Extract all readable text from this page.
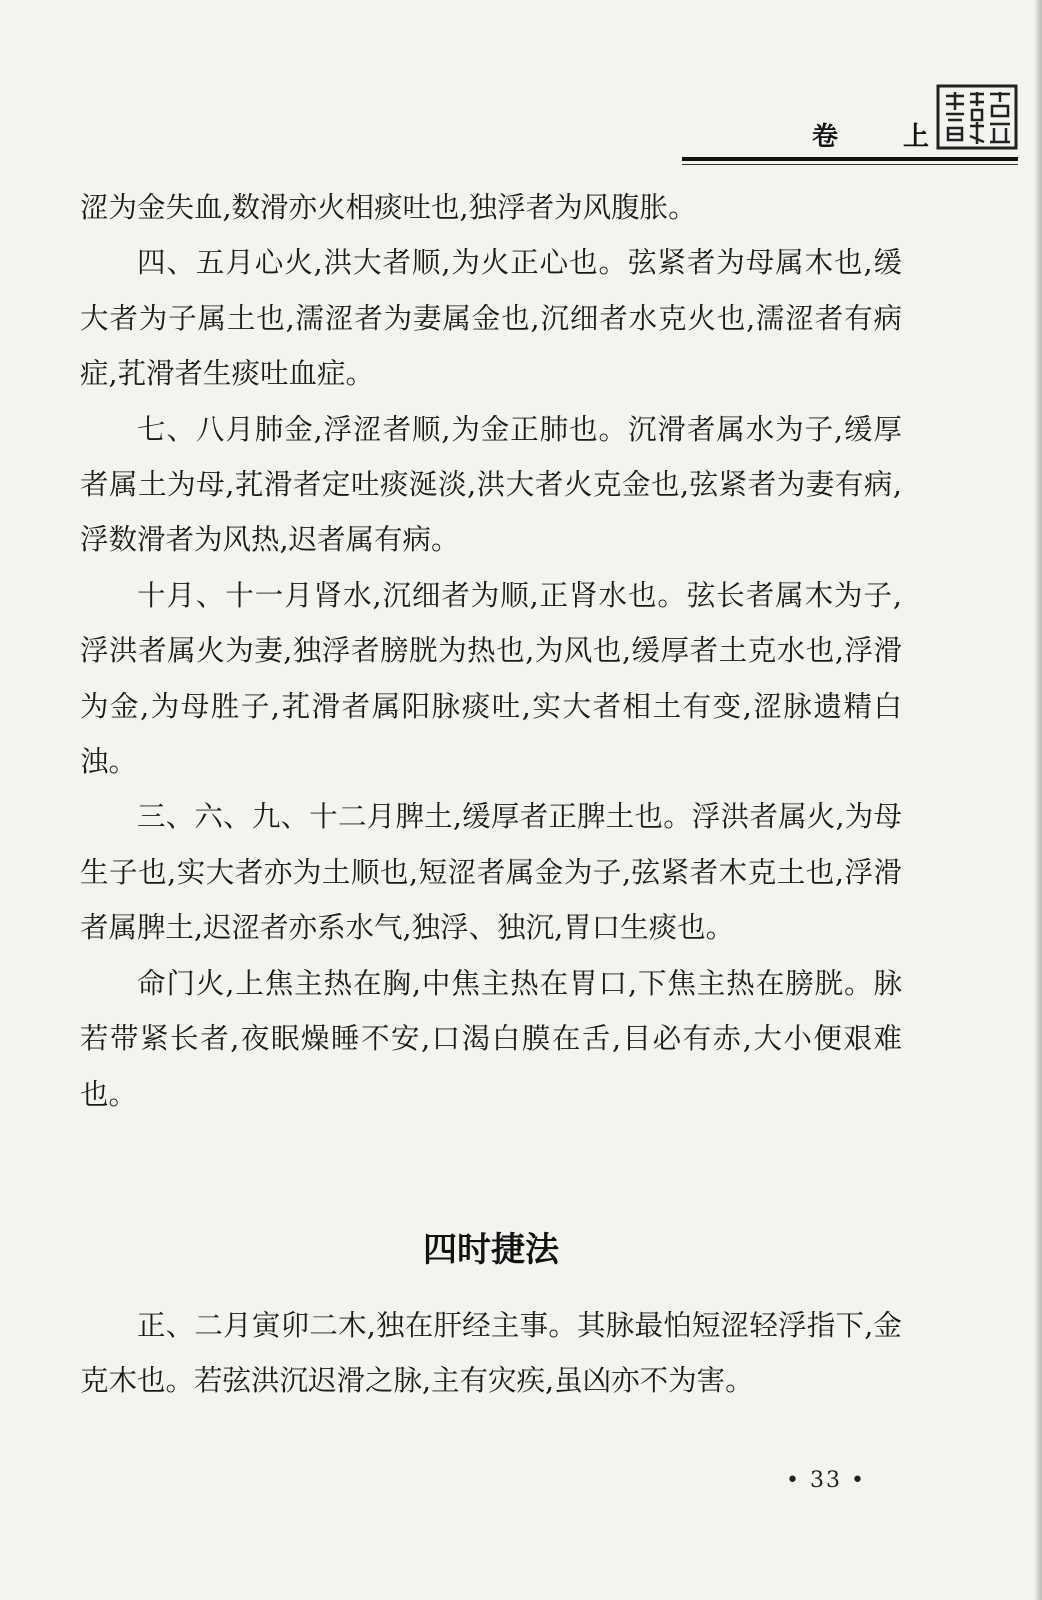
卷 上

涩为金失血,数滑亦火相痰吐也,独浮者为风腹胀。

四、五月心火,洪大者顺,为火正心也。弦紧者为母属木也,缓大者为子属土也,濡涩者为妻属金也,沉细者水克火也,濡涩者有病症,芤滑者生痰吐血症。

七、八月肺金,浮涩者顺,为金正肺也。沉滑者属水为子,缓厚者属土为母,芤滑者定吐痰涎淡,洪大者火克金也,弦紧者为妻有病,浮数滑者为风热,迟者属有病。

十月、十一月肾水,沉细者为顺,正肾水也。弦长者属木为子,浮洪者属火为妻,独浮者膀胱为热也,为风也,缓厚者土克水也,浮滑为金,为母胜子,芤滑者属阳脉痰吐,实大者相土有变,涩脉遗精白浊。

三、六、九、十二月脾土,缓厚者正脾土也。浮洪者属火,为母生子也,实大者亦为土顺也,短涩者属金为子,弦紧者木克土也,浮滑者属脾土,迟涩者亦系水气,独浮、独沉,胃口生痰也。

命门火,上焦主热在胸,中焦主热在胃口,下焦主热在膀胱。脉若带紧长者,夜眠燥睡不安,口渴白膜在舌,目必有赤,大小便艰难也。

四时捷法

正、二月寅卯二木,独在肝经主事。其脉最怕短涩轻浮指下,金克木也。若弦洪沉迟滑之脉,主有灾疾,虽凶亦不为害。

• 33 •
